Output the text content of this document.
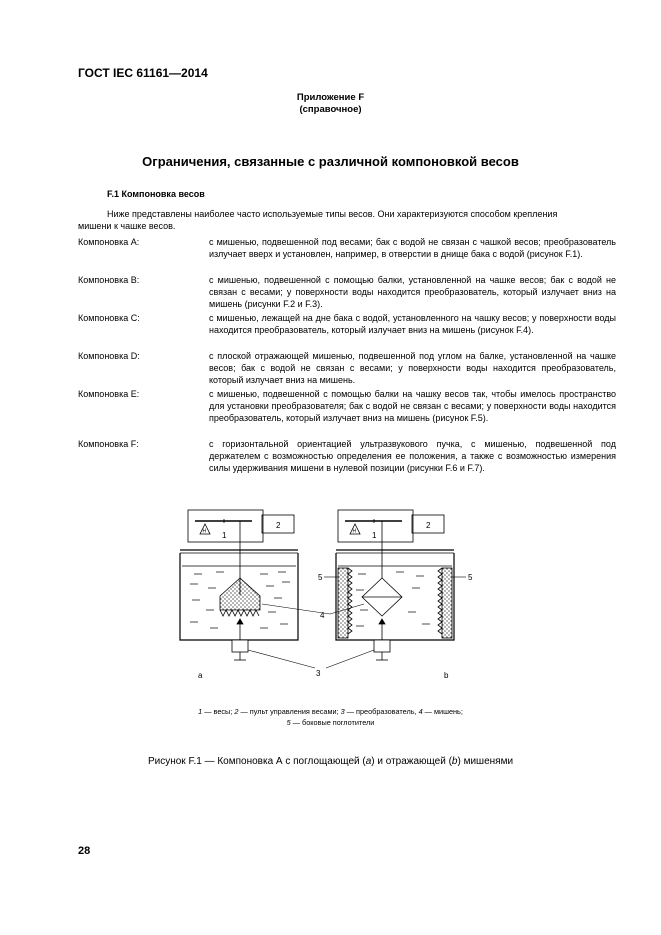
ГОСТ IEC 61161—2014
Приложение F
(справочное)
Ограничения, связанные с различной компоновкой весов
F.1 Компоновка весов
Ниже представлены наиболее часто используемые типы весов. Они характеризуются способом крепления
мишени к чашке весов.
Компоновка А:	с мишенью, подвешенной под весами; бак с водой не связан с чашкой весов; преобразователь излучает вверх и установлен, например, в отверстии в днище бака с водой (рисунок F.1).
Компоновка В:	с мишенью, подвешенной с помощью балки, установленной на чашке весов; бак с водой не связан с весами; у поверхности воды находится преобразователь, который излучает вниз на мишень (рисунки F.2 и F.3).
Компоновка С:	с мишенью, лежащей на дне бака с водой, установленного на чашку весов; у поверхности воды находится преобразователь, который излучает вниз на мишень (рисунок F.4).
Компоновка D:	с плоской отражающей мишенью, подвешенной под углом на балке, установленной на чашке весов; бак с водой не связан с весами; у поверхности воды находится преобразователь, который излучает вниз на мишень.
Компоновка Е:	с мишенью, подвешенной с помощью балки на чашку весов так, чтобы имелось пространство для установки преобразователя; бак с водой не связан с весами; у поверхности воды находится преобразователь, который излучает вниз на мишень (рисунок F.5).
Компоновка F:	с горизонтальной ориентацией ультразвукового пучка, с мишенью, подвешенной под держателем с возможностью определения ее положения, а также с возможностью измерения силы удерживания мишени в нулевой позиции (рисунки F.6 и F.7).
Н	Н
1
2
1
2
4
3
5	5
a	b
1 — весы; 2 — пульт управления весами; 3 — преобразователь, 4 — мишень;
5 — боковые поглотители
Рисунок F.1 — Компоновка А с поглощающей (a) и отражающей (b) мишенями
28
